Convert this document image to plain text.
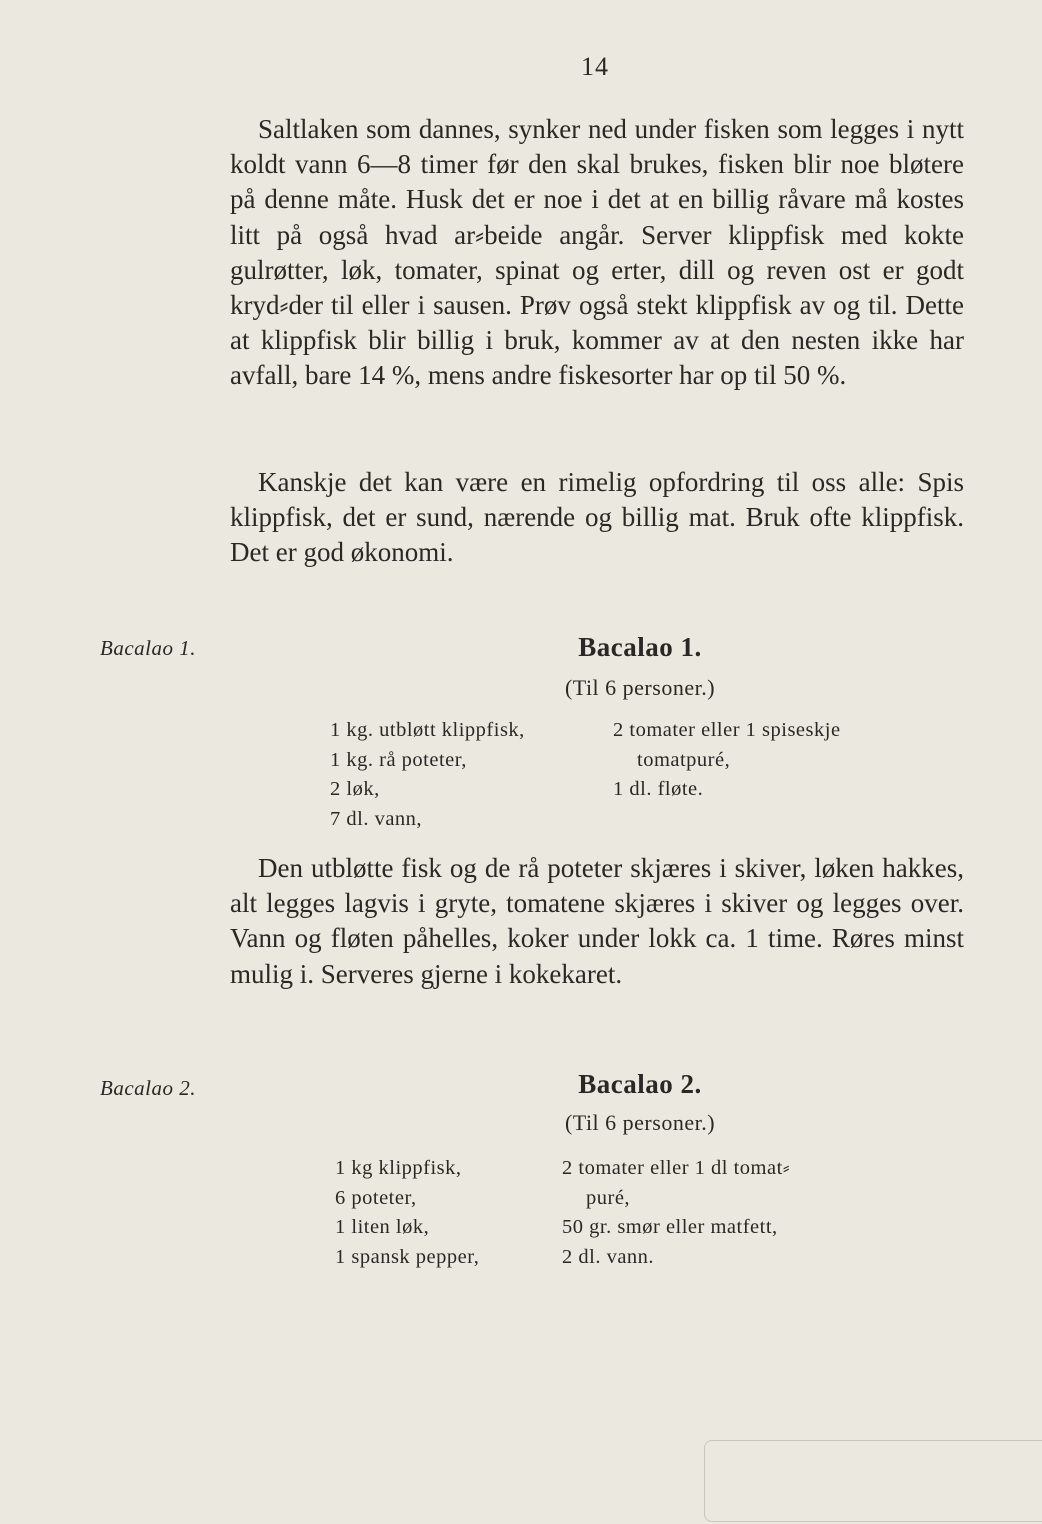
14

Saltlaken som dannes, synker ned under fisken som legges i nytt koldt vann 6—8 timer før den skal brukes, fisken blir noe bløtere på denne måte. Husk det er noe i det at en billig råvare må kostes litt på også hvad ar⸗beide angår. Server klippfisk med kokte gulrøtter, løk, tomater, spinat og erter, dill og reven ost er godt kryd⸗der til eller i sausen. Prøv også stekt klippfisk av og til. Dette at klippfisk blir billig i bruk, kommer av at den nesten ikke har avfall, bare 14 %, mens andre fiskesorter har op til 50 %.

Kanskje det kan være en rimelig opfordring til oss alle: Spis klippfisk, det er sund, nærende og billig mat. Bruk ofte klippfisk. Det er god økonomi.

Bacalao 1.	Bacalao 1.
(Til 6 personer.)
1 kg. utbløtt klippfisk,
1 kg. rå poteter,
2 løk,
7 dl. vann,
2 tomater eller 1 spiseskje
tomatpuré,
1 dl. fløte.

Den utbløtte fisk og de rå poteter skjæres i skiver, løken hakkes, alt legges lagvis i gryte, tomatene skjæres i skiver og legges over. Vann og fløten påhelles, koker under lokk ca. 1 time. Røres minst mulig i. Serveres gjerne i kokekaret.

Bacalao 2.	Bacalao 2.
(Til 6 personer.)
1 kg klippfisk,
6 poteter,
1 liten løk,
1 spansk pepper,
2 tomater eller 1 dl tomat⸗
puré,
50 gr. smør eller matfett,
2 dl. vann.
